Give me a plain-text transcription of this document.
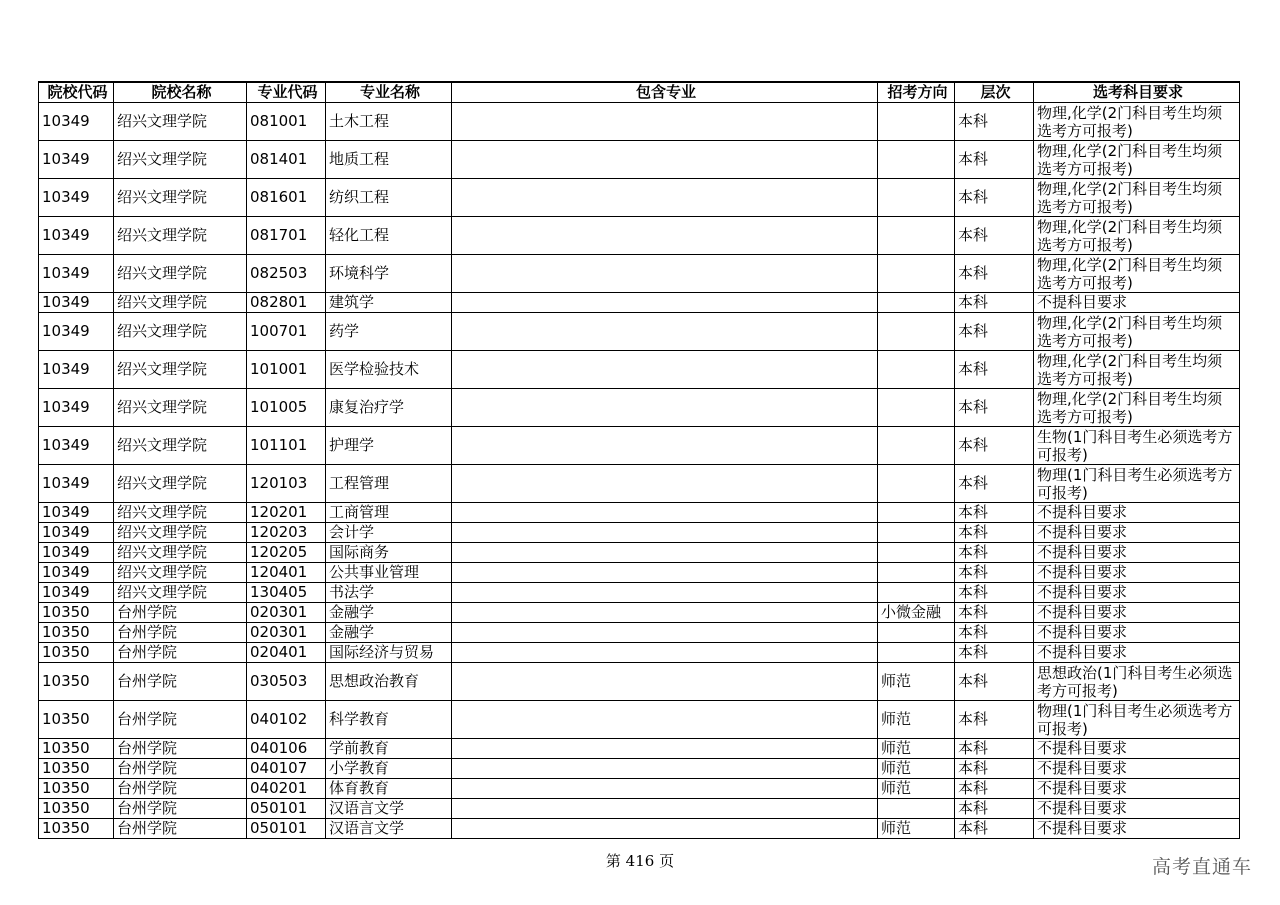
院校代码	院校名称	专业代码	专业名称	包含专业	招考方向	层次	选考科目要求
10349	绍兴文理学院	081001	土木工程			本科	物理,化学(2门科目考生均须选考方可报考)
10349	绍兴文理学院	081401	地质工程			本科	物理,化学(2门科目考生均须选考方可报考)
10349	绍兴文理学院	081601	纺织工程			本科	物理,化学(2门科目考生均须选考方可报考)
10349	绍兴文理学院	081701	轻化工程			本科	物理,化学(2门科目考生均须选考方可报考)
10349	绍兴文理学院	082503	环境科学			本科	物理,化学(2门科目考生均须选考方可报考)
10349	绍兴文理学院	082801	建筑学			本科	不提科目要求
10349	绍兴文理学院	100701	药学			本科	物理,化学(2门科目考生均须选考方可报考)
10349	绍兴文理学院	101001	医学检验技术			本科	物理,化学(2门科目考生均须选考方可报考)
10349	绍兴文理学院	101005	康复治疗学			本科	物理,化学(2门科目考生均须选考方可报考)
10349	绍兴文理学院	101101	护理学			本科	生物(1门科目考生必须选考方可报考)
10349	绍兴文理学院	120103	工程管理			本科	物理(1门科目考生必须选考方可报考)
10349	绍兴文理学院	120201	工商管理			本科	不提科目要求
10349	绍兴文理学院	120203	会计学			本科	不提科目要求
10349	绍兴文理学院	120205	国际商务			本科	不提科目要求
10349	绍兴文理学院	120401	公共事业管理			本科	不提科目要求
10349	绍兴文理学院	130405	书法学			本科	不提科目要求
10350	台州学院	020301	金融学		小微金融	本科	不提科目要求
10350	台州学院	020301	金融学			本科	不提科目要求
10350	台州学院	020401	国际经济与贸易			本科	不提科目要求
10350	台州学院	030503	思想政治教育		师范	本科	思想政治(1门科目考生必须选考方可报考)
10350	台州学院	040102	科学教育		师范	本科	物理(1门科目考生必须选考方可报考)
10350	台州学院	040106	学前教育		师范	本科	不提科目要求
10350	台州学院	040107	小学教育		师范	本科	不提科目要求
10350	台州学院	040201	体育教育		师范	本科	不提科目要求
10350	台州学院	050101	汉语言文学			本科	不提科目要求
10350	台州学院	050101	汉语言文学		师范	本科	不提科目要求
第 416 页	高考直通车
